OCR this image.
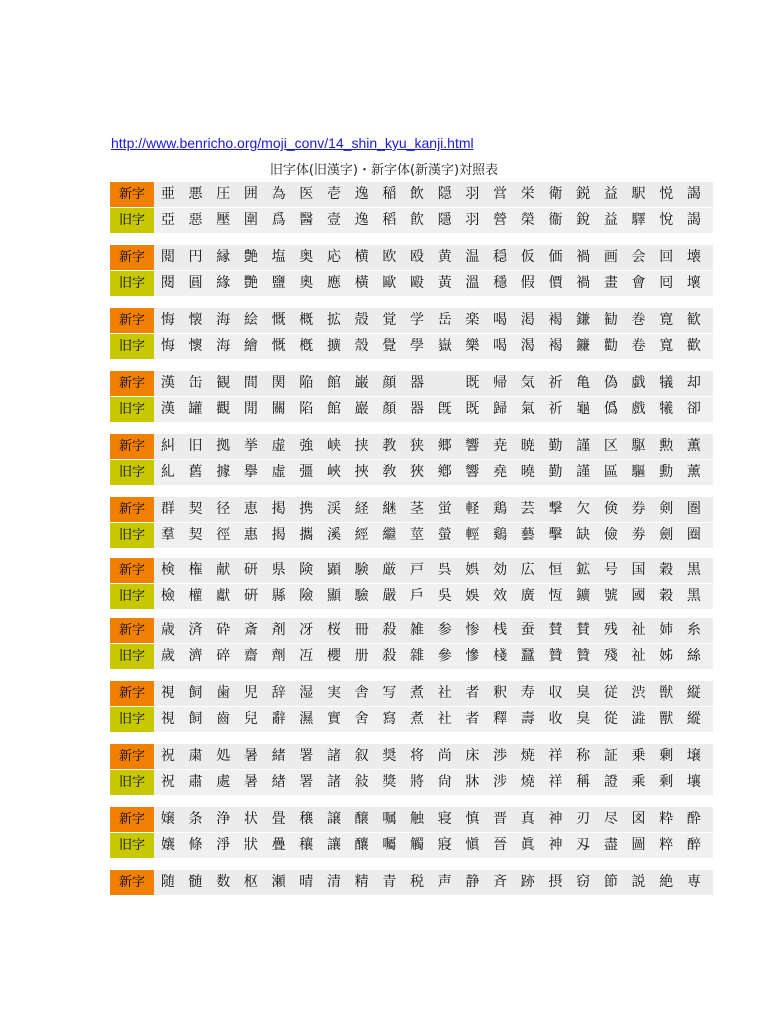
http://www.benricho.org/moji_conv/14_shin_kyu_kanji.html
旧字体(旧漢字)・新字体(新漢字)対照表
新字	亜 悪 圧 囲 為 医 壱 逸 稲 飲 隠 羽 営 栄 衛 鋭 益 駅 悦 謁
旧字	亞 惡 壓 圍 爲 醫 壹 逸 稻 飮 隱 羽 營 榮 衞 銳 益 驛 悅 謁
新字	閲 円 縁 艶 塩 奥 応 横 欧 殴 黄 温 穏 仮 価 禍 画 会 回 壊
旧字	閱 圓 緣 艷 鹽 奧 應 橫 歐 毆 黃 溫 穩 假 價 禍 畫 會 囘 壞
新字	悔 懐 海 絵 慨 概 拡 殻 覚 学 岳 楽 喝 渇 褐 鎌 勧 巻 寛 歓
旧字	悔 懷 海 繪 慨 槪 擴 殼 覺 學 嶽 樂 喝 渴 褐 鐮 勸 卷 寬 歡
新字	漢 缶 観 間 関 陥 館 巌 顔 器	既 帰 気 祈 亀 偽 戯 犠 却
旧字	漢 罐 觀 閒 關 陷 館 巖 顏 器 旣 既 歸 氣 祈 龜 僞 戲 犧 卻
新字	糾 旧 拠 挙 虚 強 峡 挟 教 狭 郷 響 尭 暁 勤 謹 区 駆 勲 薫
旧字	糺 舊 據 擧 虛 彊 峽 挾 敎 狹 鄕 響 堯 曉 勤 謹 區 驅 勳 薰
新字	群 契 径 恵 掲 携 渓 経 継 茎 蛍 軽 鶏 芸 撃 欠 倹 券 剣 圏
旧字	羣 契 徑 惠 揭 攜 溪 經 繼 莖 螢 輕 鷄 藝 擊 缺 儉 劵 劍 圈
新字	検 権 献 研 県 険 顕 験 厳 戸 呉 娯 効 広 恒 鉱 号 国 穀 黒
旧字	檢 權 獻 硏 縣 險 顯 驗 嚴 戶 吳 娛 效 廣 恆 鑛 號 國 穀 黑
新字	歳 済 砕 斎 剤 冴 桜 冊 殺 雑 参 惨 桟 蚕 賛 賛 残 祉 姉 糸
旧字	歲 濟 碎 齋 劑 冱 櫻 册 殺 雜 參 慘 棧 蠶 贊 贊 殘 祉 姊 絲
新字	視 飼 歯 児 辞 湿 実 舎 写 煮 社 者 釈 寿 収 臭 従 渋 獣 縦
旧字	視 飼 齒 兒 辭 濕 實 舍 寫 煮 社 者 釋 壽 收 臭 從 澁 獸 縱
新字	祝 粛 処 暑 緒 署 諸 叙 奨 将 尚 床 渉 焼 祥 称 証 乗 剰 壌
旧字	祝 肅 處 暑 緖 署 諸 敍 獎 將 尙 牀 涉 燒 祥 稱 證 乘 剩 壤
新字	嬢 条 浄 状 畳 穣 譲 醸 嘱 触 寝 慎 晋 真 神 刃 尽 図 粋 酔
旧字	孃 條 淨 狀 疊 穰 讓 釀 囑 觸 寢 愼 晉 眞 神 刄 盡 圖 粹 醉
新字	随 髄 数 枢 瀬 晴 清 精 青 税 声 静 斉 跡 摂 窃 節 説 絶 専
